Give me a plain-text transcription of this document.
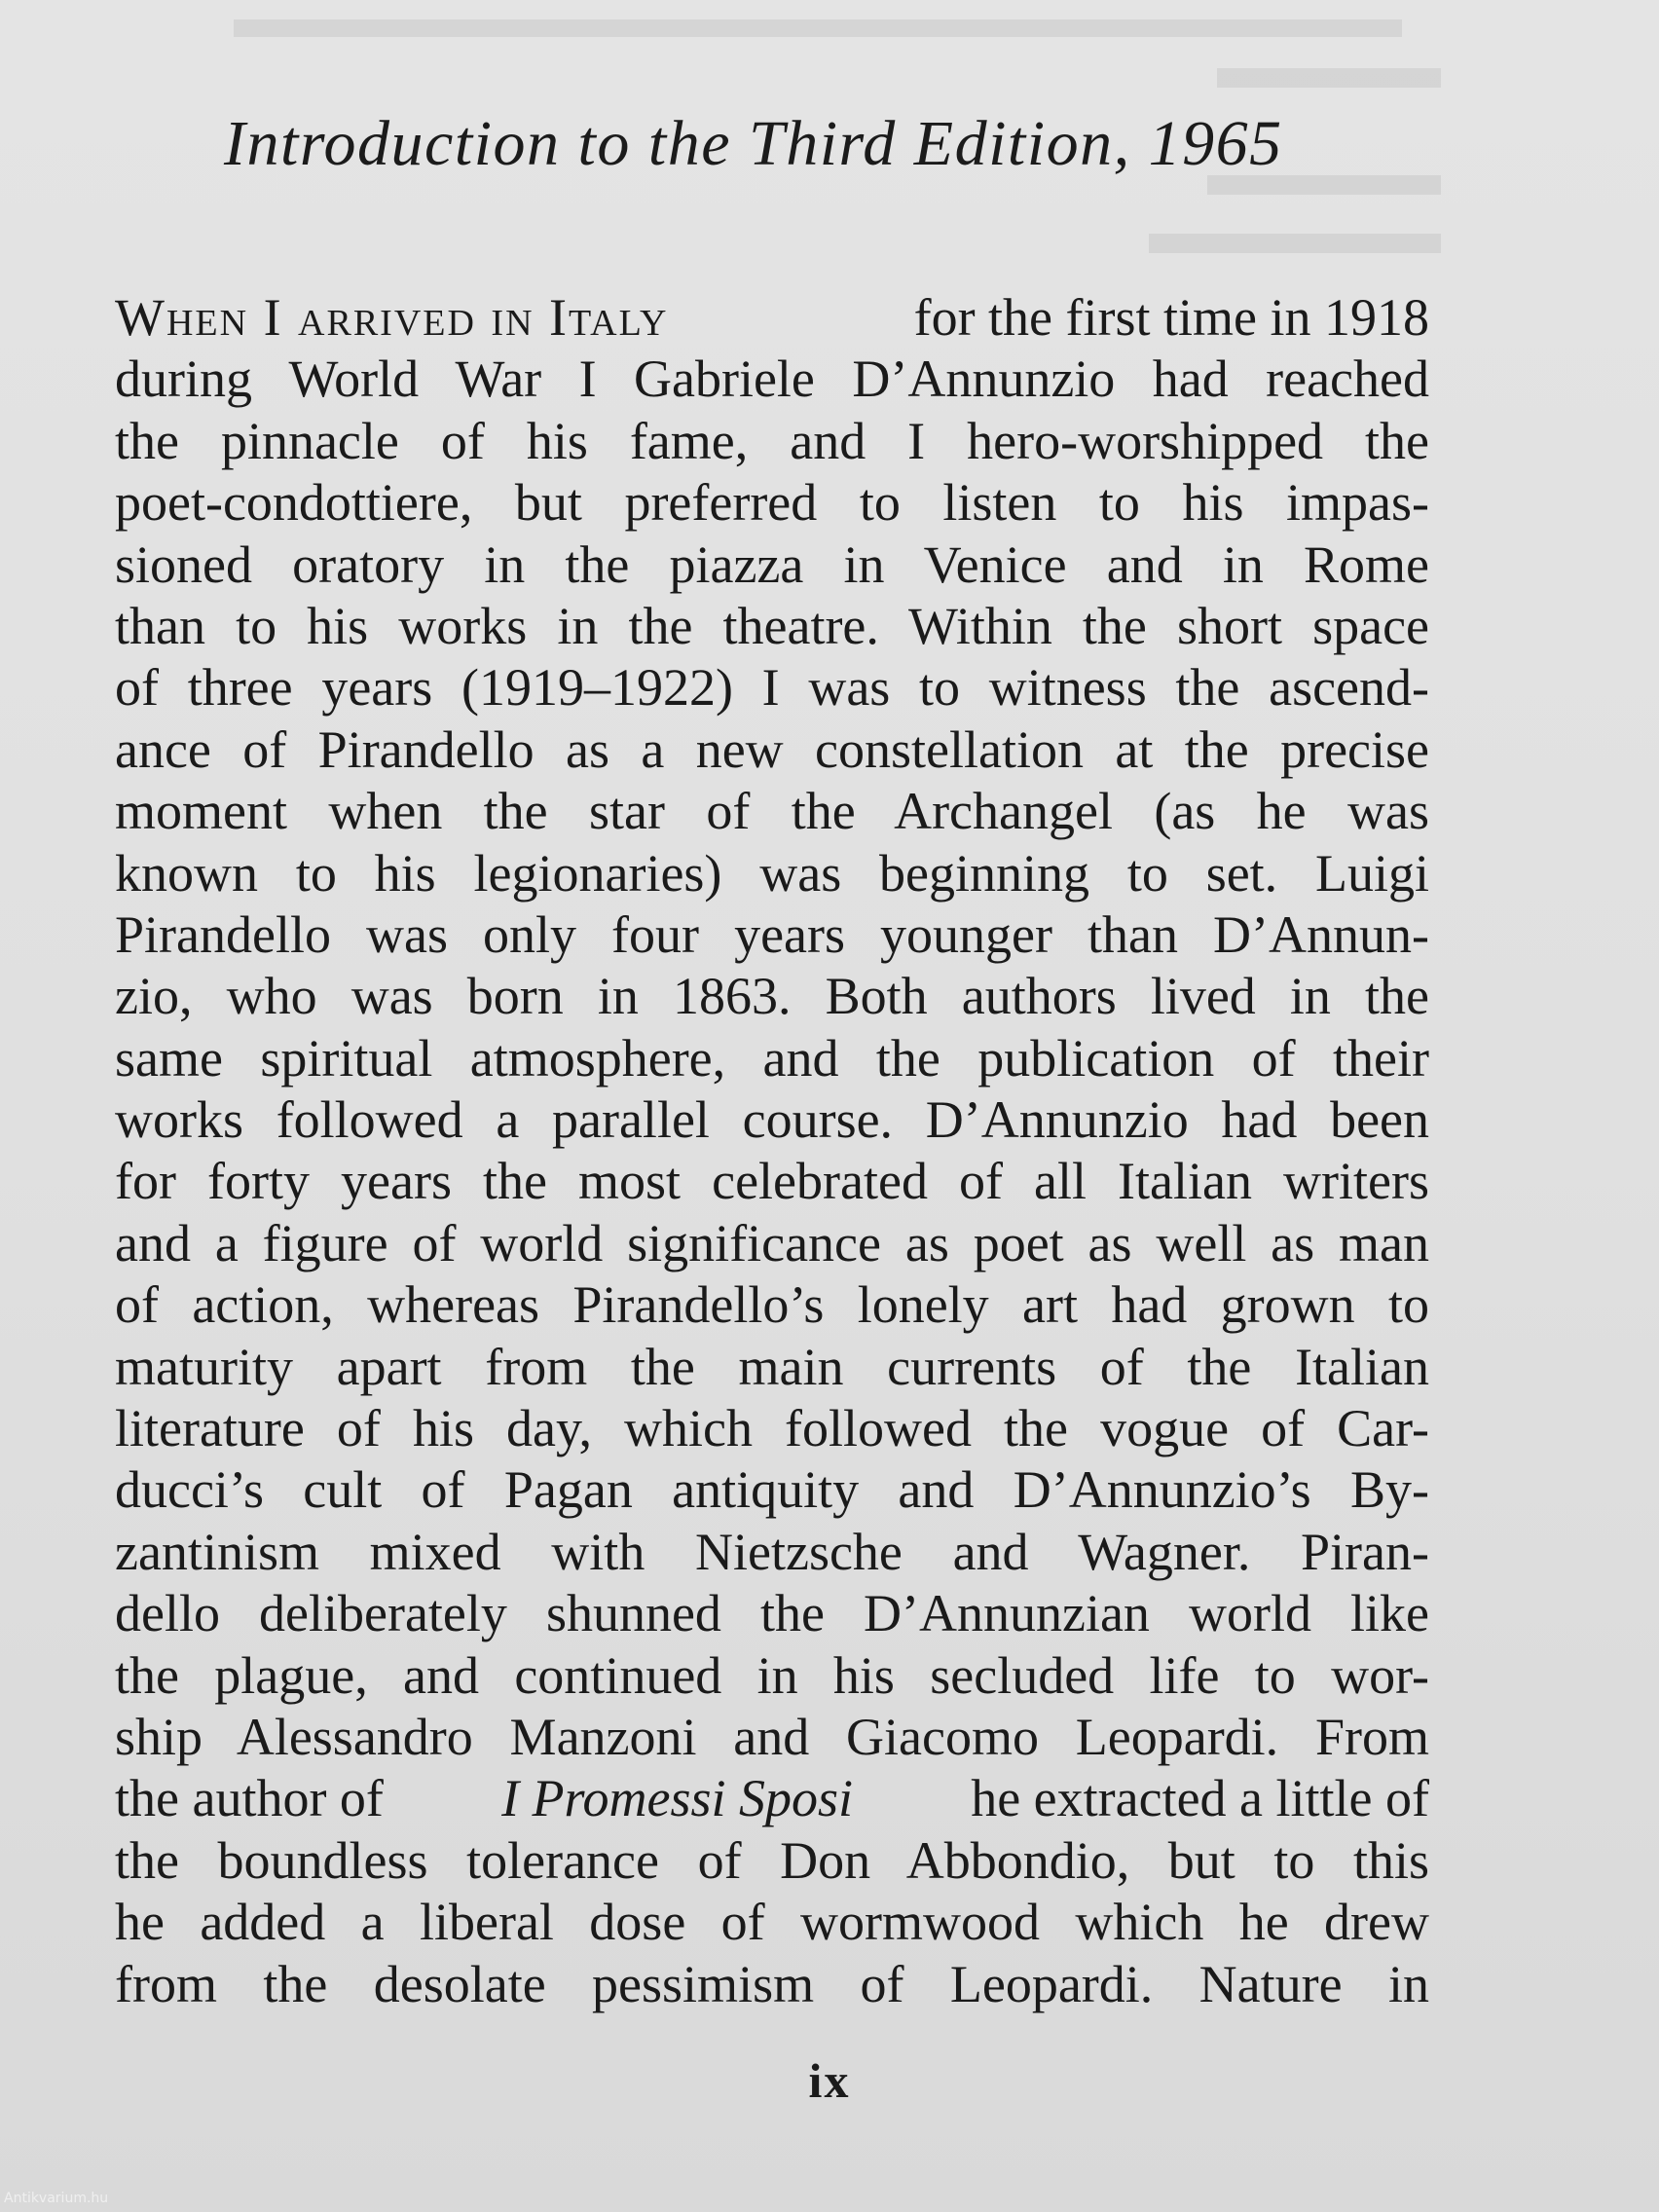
Introduction to the Third Edition, 1965
When I arrived in Italy	for the first time in 1918
during World War I Gabriele D’Annunzio had reached
the pinnacle of his fame, and I hero-worshipped the
poet-condottiere, but preferred to listen to his impas-
sioned oratory in the piazza in Venice and in Rome
than to his works in the theatre. Within the short space
of three years (1919–1922) I was to witness the ascend-
ance of Pirandello as a new constellation at the precise
moment when the star of the Archangel (as he was
known to his legionaries) was beginning to set. Luigi
Pirandello was only four years younger than D’Annun-
zio, who was born in 1863. Both authors lived in the
same spiritual atmosphere, and the publication of their
works followed a parallel course. D’Annunzio had been
for forty years the most celebrated of all Italian writers
and a figure of world significance as poet as well as man
of action, whereas Pirandello’s lonely art had grown to
maturity apart from the main currents of the Italian
literature of his day, which followed the vogue of Car-
ducci’s cult of Pagan antiquity and D’Annunzio’s By-
zantinism mixed with Nietzsche and Wagner. Piran-
dello deliberately shunned the D’Annunzian world like
the plague, and continued in his secluded life to wor-
ship Alessandro Manzoni and Giacomo Leopardi. From
the author of I Promessi Sposi he extracted a little of
the boundless tolerance of Don Abbondio, but to this
he added a liberal dose of wormwood which he drew
from the desolate pessimism of Leopardi. Nature in
ix
Antikvarium.hu
